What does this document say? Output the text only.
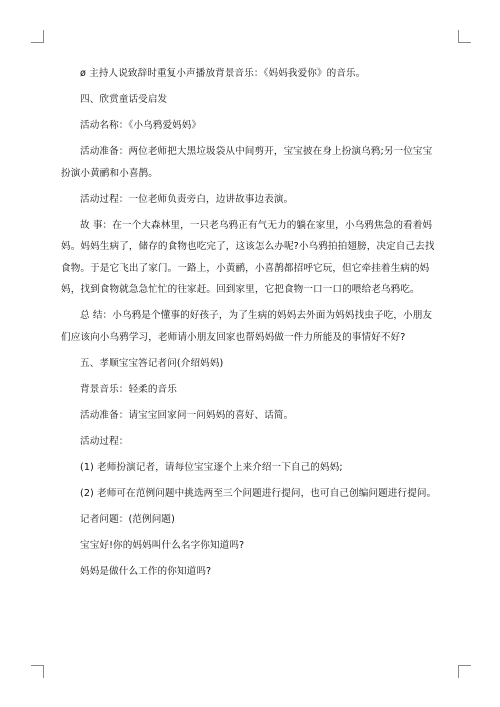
ø 主持人说致辞时重复小声播放背景音乐：《妈妈我爱你》的音乐。

四、欣赏童话受启发

活动名称：《小乌鸦爱妈妈》

活动准备：两位老师把大黑垃圾袋从中间剪开，宝宝披在身上扮演乌鸦;另一位宝宝扮演小黄鹂和小喜鹊。

活动过程：一位老师负责旁白，边讲故事边表演。

故 事：在一个大森林里，一只老乌鸦正有气无力的躺在家里，小乌鸦焦急的看着妈妈。妈妈生病了，储存的食物也吃完了，这该怎么办呢?小乌鸦拍拍翅膀，决定自己去找食物。于是它飞出了家门。一路上，小黄鹂，小喜鹊都招呼它玩，但它牵挂着生病的妈妈，找到食物就急急忙忙的往家赶。回到家里，它把食物一口一口的喂给老乌鸦吃。

总 结：小乌鸦是个懂事的好孩子，为了生病的妈妈去外面为妈妈找虫子吃，小朋友们应该向小乌鸦学习，老师请小朋友回家也帮妈妈做一件力所能及的事情好不好?

五、孝顺宝宝答记者问(介绍妈妈)

背景音乐：轻柔的音乐

活动准备：请宝宝回家问一问妈妈的喜好、话简。

活动过程：

(1) 老师扮演记者，请每位宝宝逐个上来介绍一下自己的妈妈;

(2) 老师可在范例问题中挑选两至三个问题进行提问，也可自己创编问题进行提问。

记者问题：(范例问题)

宝宝好!你的妈妈叫什么名字你知道吗?

妈妈是做什么工作的你知道吗?
